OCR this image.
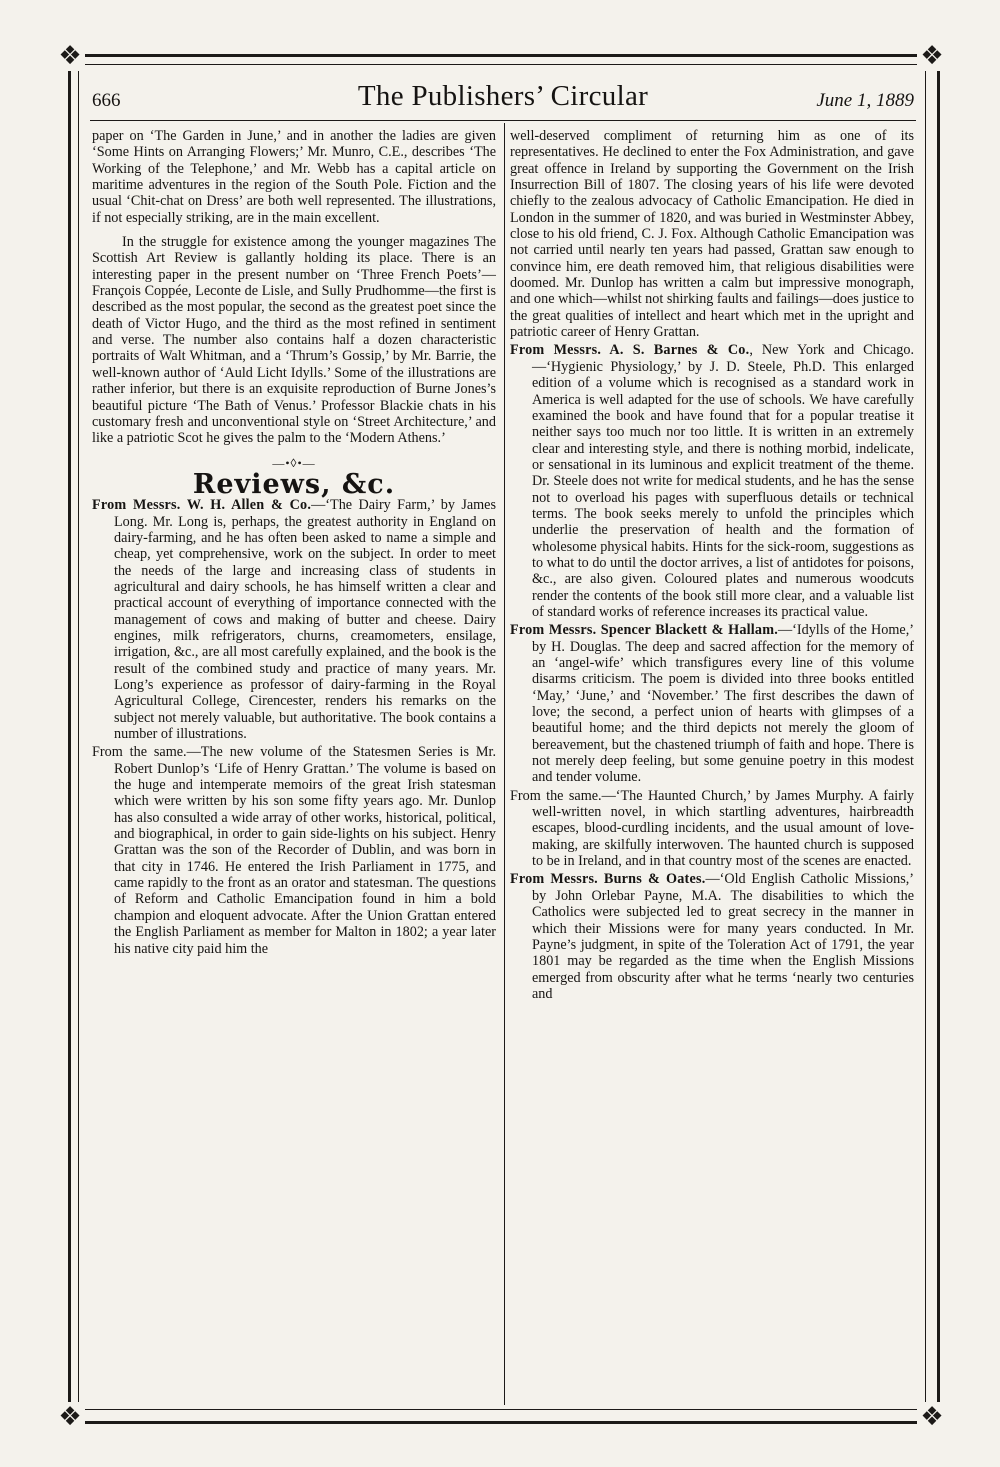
❖	❖
❖	❖
666	The Publishers’ Circular	June 1, 1889

paper on ‘The Garden in June,’ and in another the ladies are given ‘Some Hints on Arranging Flowers;’ Mr. Munro, C.E., describes ‘The Working of the Telephone,’ and Mr. Webb has a capital article on maritime adventures in the region of the South Pole. Fiction and the usual ‘Chit-chat on Dress’ are both well represented. The illustrations, if not especially striking, are in the main excellent.

In the struggle for existence among the younger magazines The Scottish Art Review is gallantly holding its place. There is an interesting paper in the present number on ‘Three French Poets’—François Coppée, Leconte de Lisle, and Sully Prudhomme—the first is described as the most popular, the second as the greatest poet since the death of Victor Hugo, and the third as the most refined in sentiment and verse. The number also contains half a dozen characteristic portraits of Walt Whitman, and a ‘Thrum’s Gossip,’ by Mr. Barrie, the well-known author of ‘Auld Licht Idylls.’ Some of the illustrations are rather inferior, but there is an exquisite reproduction of Burne Jones’s beautiful picture ‘The Bath of Venus.’ Professor Blackie chats in his customary fresh and unconventional style on ‘Street Architecture,’ and like a patriotic Scot he gives the palm to the ‘Modern Athens.’

—•◊•—
Reviews, &c.

From Messrs. W. H. Allen & Co.—‘The Dairy Farm,’ by James Long. Mr. Long is, perhaps, the greatest authority in England on dairy-farming, and he has often been asked to name a simple and cheap, yet comprehensive, work on the subject. In order to meet the needs of the large and increasing class of students in agricultural and dairy schools, he has himself written a clear and practical account of everything of importance connected with the management of cows and making of butter and cheese. Dairy engines, milk refrigerators, churns, creamometers, ensilage, irrigation, &c., are all most carefully explained, and the book is the result of the combined study and practice of many years. Mr. Long’s experience as professor of dairy-farming in the Royal Agricultural College, Cirencester, renders his remarks on the subject not merely valuable, but authoritative. The book contains a number of illustrations.

From the same.—The new volume of the Statesmen Series is Mr. Robert Dunlop’s ‘Life of Henry Grattan.’ The volume is based on the huge and intemperate memoirs of the great Irish statesman which were written by his son some fifty years ago. Mr. Dunlop has also consulted a wide array of other works, historical, political, and biographical, in order to gain side-lights on his subject. Henry Grattan was the son of the Recorder of Dublin, and was born in that city in 1746. He entered the Irish Parliament in 1775, and came rapidly to the front as an orator and statesman. The questions of Reform and Catholic Emancipation found in him a bold champion and eloquent advocate. After the Union Grattan entered the English Parliament as member for Malton in 1802; a year later his native city paid him the

well-deserved compliment of returning him as one of its representatives. He declined to enter the Fox Administration, and gave great offence in Ireland by supporting the Government on the Irish Insurrection Bill of 1807. The closing years of his life were devoted chiefly to the zealous advocacy of Catholic Emancipation. He died in London in the summer of 1820, and was buried in Westminster Abbey, close to his old friend, C. J. Fox. Although Catholic Emancipation was not carried until nearly ten years had passed, Grattan saw enough to convince him, ere death removed him, that religious disabilities were doomed. Mr. Dunlop has written a calm but impressive monograph, and one which—whilst not shirking faults and failings—does justice to the great qualities of intellect and heart which met in the upright and patriotic career of Henry Grattan.

From Messrs. A. S. Barnes & Co., New York and Chicago.—‘Hygienic Physiology,’ by J. D. Steele, Ph.D. This enlarged edition of a volume which is recognised as a standard work in America is well adapted for the use of schools. We have carefully examined the book and have found that for a popular treatise it neither says too much nor too little. It is written in an extremely clear and interesting style, and there is nothing morbid, indelicate, or sensational in its luminous and explicit treatment of the theme. Dr. Steele does not write for medical students, and he has the sense not to overload his pages with superfluous details or technical terms. The book seeks merely to unfold the principles which underlie the preservation of health and the formation of wholesome physical habits. Hints for the sick-room, suggestions as to what to do until the doctor arrives, a list of antidotes for poisons, &c., are also given. Coloured plates and numerous woodcuts render the contents of the book still more clear, and a valuable list of standard works of reference increases its practical value.

From Messrs. Spencer Blackett & Hallam.—‘Idylls of the Home,’ by H. Douglas. The deep and sacred affection for the memory of an ‘angel-wife’ which transfigures every line of this volume disarms criticism. The poem is divided into three books entitled ‘May,’ ‘June,’ and ‘November.’ The first describes the dawn of love; the second, a perfect union of hearts with glimpses of a beautiful home; and the third depicts not merely the gloom of bereavement, but the chastened triumph of faith and hope. There is not merely deep feeling, but some genuine poetry in this modest and tender volume.

From the same.—‘The Haunted Church,’ by James Murphy. A fairly well-written novel, in which startling adventures, hairbreadth escapes, blood-curdling incidents, and the usual amount of love-making, are skilfully interwoven. The haunted church is supposed to be in Ireland, and in that country most of the scenes are enacted.

From Messrs. Burns & Oates.—‘Old English Catholic Missions,’ by John Orlebar Payne, M.A. The disabilities to which the Catholics were subjected led to great secrecy in the manner in which their Missions were for many years conducted. In Mr. Payne’s judgment, in spite of the Toleration Act of 1791, the year 1801 may be regarded as the time when the English Missions emerged from obscurity after what he terms ‘nearly two centuries and
